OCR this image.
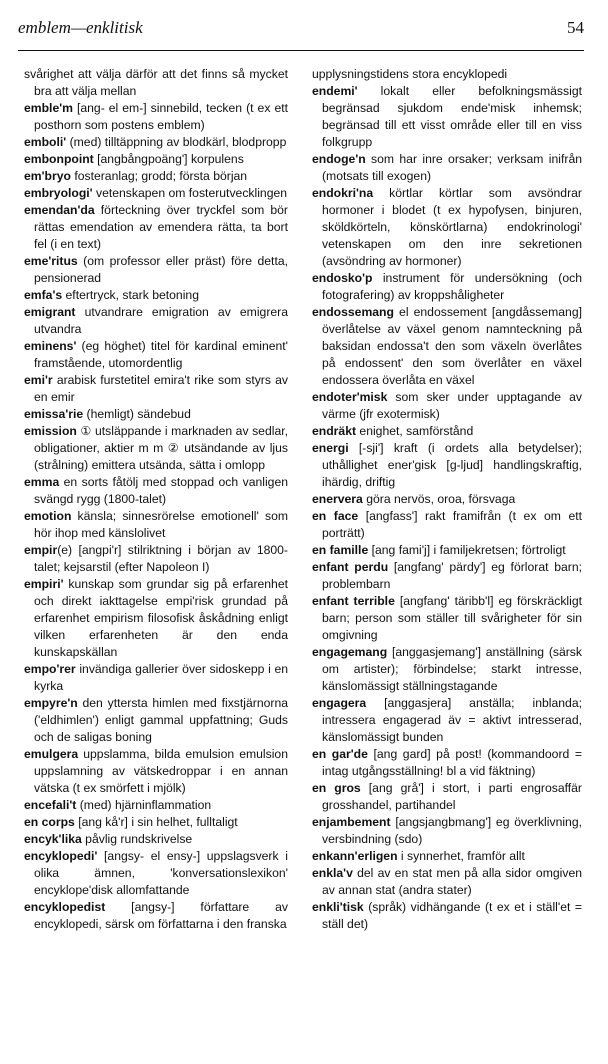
emblem—enklitisk	54

svårighet att välja därför att det finns så mycket bra att välja mellan

emble'm [ang- el em-] sinnebild, tecken (t ex ett posthorn som postens emblem)

emboli' (med) tilltäppning av blodkärl, blodpropp

embonpoint [angbångpoäng'] korpulens

em'bryo fosteranlag; grodd; första början

embryologi' vetenskapen om fosterutvecklingen

emendan'da förteckning över tryckfel som bör rättas emendation av emendera rätta, ta bort fel (i en text)

eme'ritus (om professor eller präst) före detta, pensionerad

emfa's eftertryck, stark betoning

emigrant utvandrare emigration av emigrera utvandra

eminens' (eg höghet) titel för kardinal eminent' framstående, utomordentlig

emi'r arabisk furstetitel emira't rike som styrs av en emir

emissa'rie (hemligt) sändebud

emission ① utsläppande i marknaden av sedlar, obligationer, aktier m m ② utsändande av ljus (strålning) emittera utsända, sätta i omlopp

emma en sorts fåtölj med stoppad och vanligen svängd rygg (1800-talet)

emotion känsla; sinnesrörelse emotionell' som hör ihop med känslolivet

empir(e) [angpi'r] stilriktning i början av 1800-talet; kejsarstil (efter Napoleon I)

empiri' kunskap som grundar sig på erfarenhet och direkt iakttagelse empi'risk grundad på erfarenhet empirism filosofisk åskådning enligt vilken erfarenheten är den enda kunskapskällan

empo'rer invändiga gallerier över sidoskepp i en kyrka

empyre'n den yttersta himlen med fixstjärnorna ('eldhimlen') enligt gammal uppfattning; Guds och de saligas boning

emulgera uppslamma, bilda emulsion emulsion uppslamning av vätskedroppar i en annan vätska (t ex smörfett i mjölk)

encefali't (med) hjärninflammation

en corps [ang kå'r] i sin helhet, fulltaligt

encyk'lika påvlig rundskrivelse

encyklopedi' [angsy- el ensy-] uppslagsverk i olika ämnen, 'konversationslexikon' encyklope'disk allomfattande

encyklopedist [angsy-] författare av encyklopedi, särsk om författarna i den franska

upplysningstidens stora encyklopedi

endemi' lokalt eller befolkningsmässigt begränsad sjukdom ende'misk inhemsk; begränsad till ett visst område eller till en viss folkgrupp

endoge'n som har inre orsaker; verksam inifrån (motsats till exogen)

endokri'na körtlar körtlar som avsöndrar hormoner i blodet (t ex hypofysen, binjuren, sköldkörteln, könskörtlarna) endokrinologi' vetenskapen om den inre sekretionen (avsöndring av hormoner)

endosko'p instrument för undersökning (och fotografering) av kroppshåligheter

endossemang el endossement [angdåssemang] överlåtelse av växel genom namnteckning på baksidan endossa't den som växeln överlåtes på endossent' den som överlåter en växel endossera överlåta en växel

endoter'misk som sker under upptagande av värme (jfr exotermisk)

endräkt enighet, samförstånd

energi [-sji'] kraft (i ordets alla betydelser); uthållighet ener'gisk [g-ljud] handlingskraftig, ihärdig, driftig

enervera göra nervös, oroa, försvaga

en face [angfass'] rakt framifrån (t ex om ett porträtt)

en famille [ang fami'j] i familjekretsen; förtroligt

enfant perdu [angfang' pärdy'] eg förlorat barn; problembarn

enfant terrible [angfang' täribb'l] eg förskräckligt barn; person som ställer till svårigheter för sin omgivning

engagemang [anggasjemang'] anställning (särsk om artister); förbindelse; starkt intresse, känslomässigt ställningstagande

engagera [anggasjera] anställa; inblanda; intressera engagerad äv = aktivt intresserad, känslomässigt bunden

en gar'de [ang gard] på post! (kommandoord = intag utgångsställning! bl a vid fäktning)

en gros [ang grå'] i stort, i parti engrosaffär grosshandel, partihandel

enjambement [angsjangbmang'] eg överklivning, versbindning (sdo)

enkann'erligen i synnerhet, framför allt

enkla'v del av en stat men på alla sidor omgiven av annan stat (andra stater)

enkli'tisk (språk) vidhängande (t ex et i ställ'et = ställ det)
